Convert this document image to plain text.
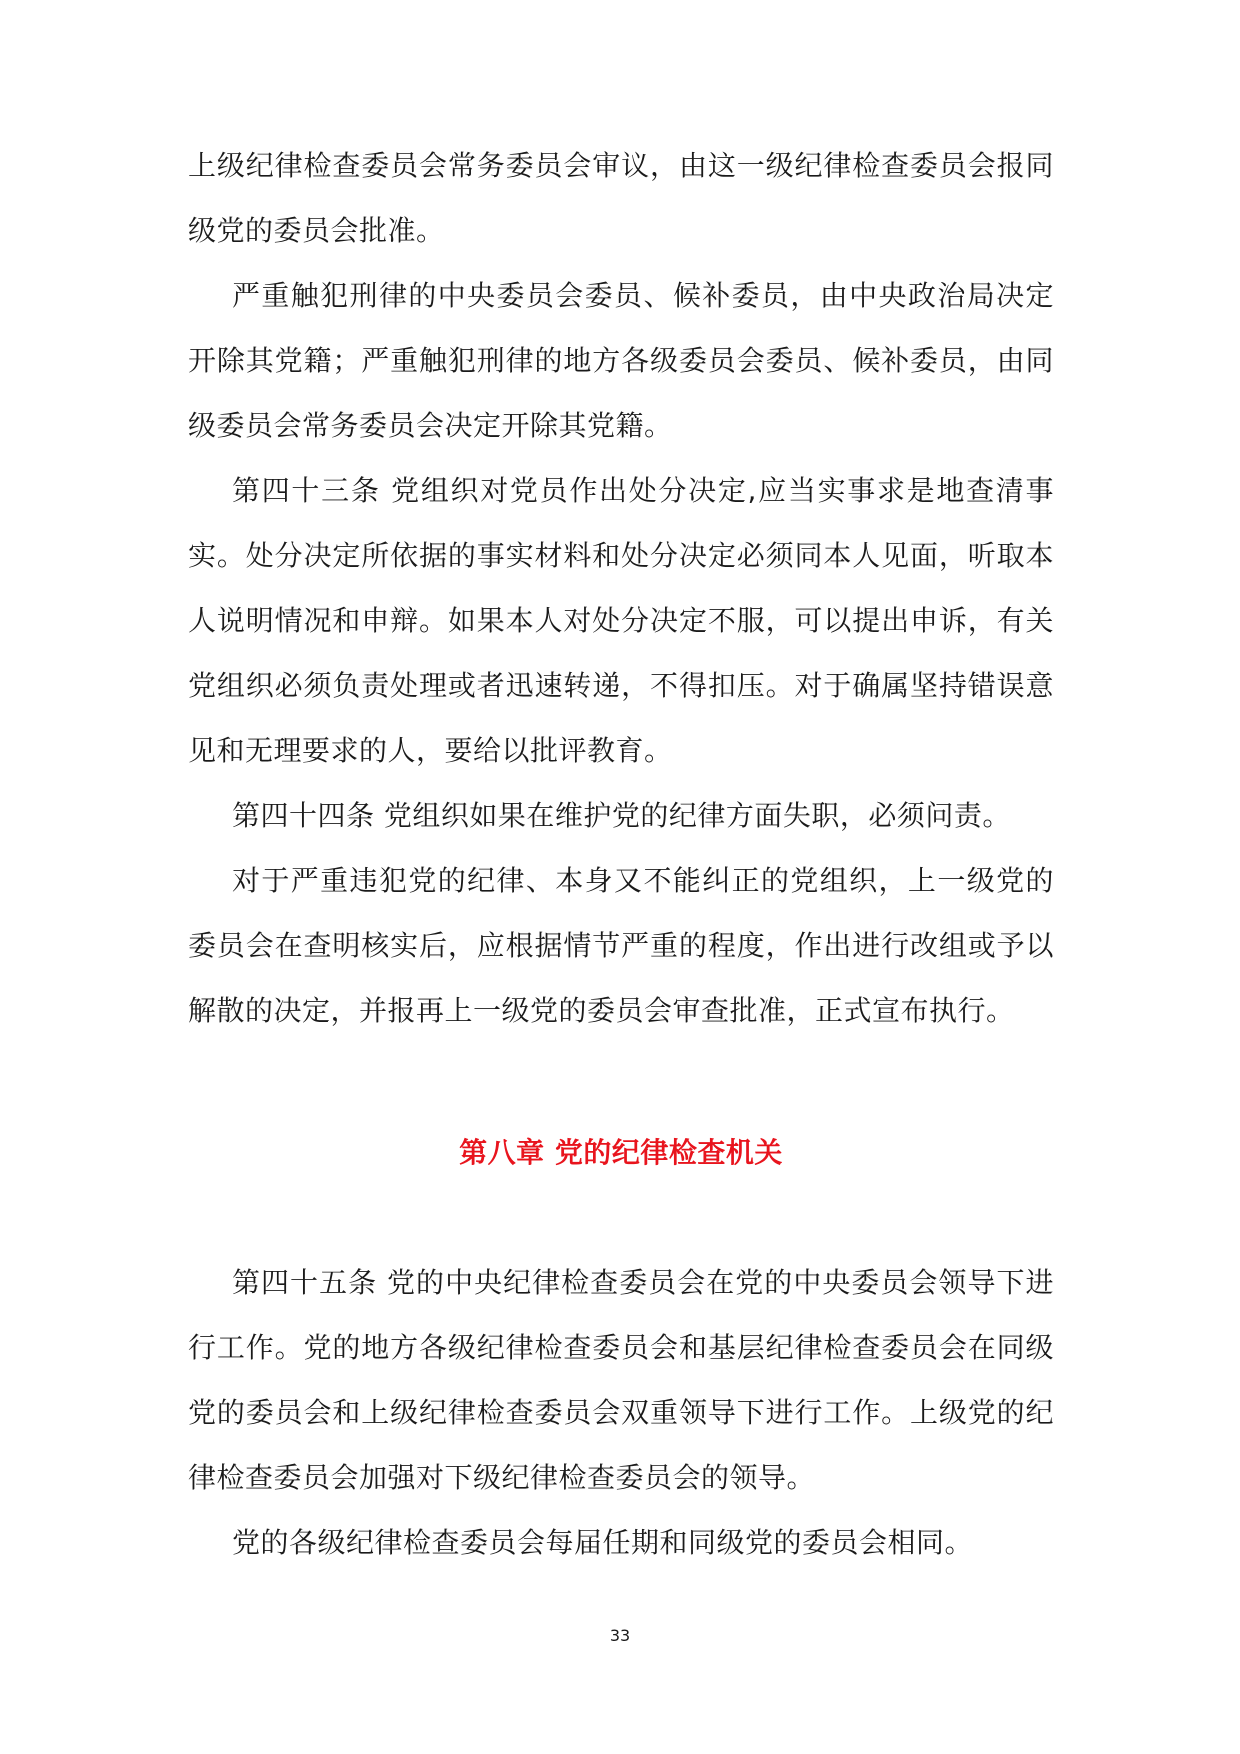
上级纪律检查委员会常务委员会审议，由这一级纪律检查委员会报同级党的委员会批准。

严重触犯刑律的中央委员会委员、候补委员，由中央政治局决定开除其党籍；严重触犯刑律的地方各级委员会委员、候补委员，由同级委员会常务委员会决定开除其党籍。

第四十三条 党组织对党员作出处分决定,应当实事求是地查清事实。处分决定所依据的事实材料和处分决定必须同本人见面，听取本人说明情况和申辩。如果本人对处分决定不服，可以提出申诉，有关党组织必须负责处理或者迅速转递，不得扣压。对于确属坚持错误意见和无理要求的人，要给以批评教育。

第四十四条 党组织如果在维护党的纪律方面失职，必须问责。

对于严重违犯党的纪律、本身又不能纠正的党组织，上一级党的委员会在查明核实后，应根据情节严重的程度，作出进行改组或予以解散的决定，并报再上一级党的委员会审查批准，正式宣布执行。

第八章 党的纪律检查机关

第四十五条 党的中央纪律检查委员会在党的中央委员会领导下进行工作。党的地方各级纪律检查委员会和基层纪律检查委员会在同级党的委员会和上级纪律检查委员会双重领导下进行工作。上级党的纪律检查委员会加强对下级纪律检查委员会的领导。

党的各级纪律检查委员会每届任期和同级党的委员会相同。

33
